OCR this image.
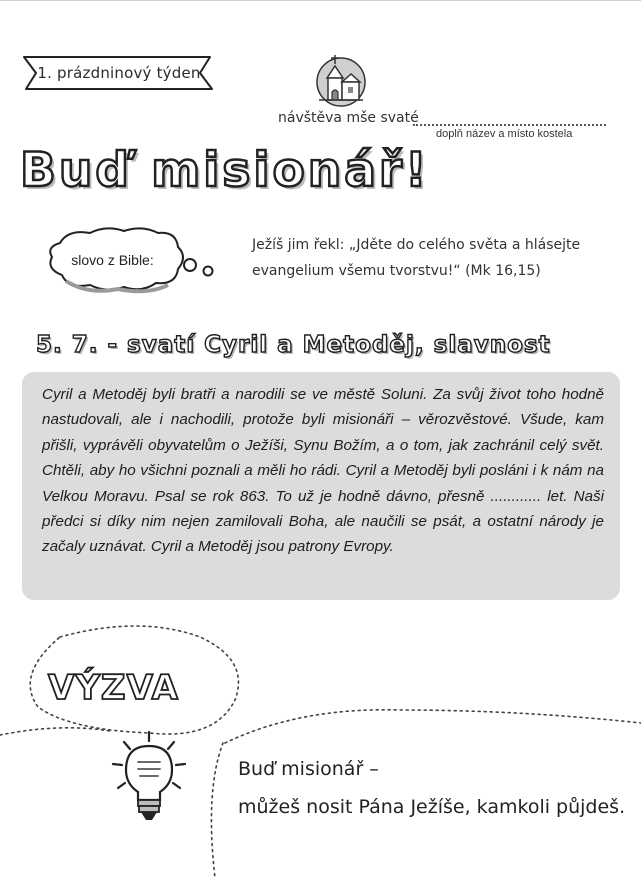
1. prázdninový týden
návštěva mše svaté
doplň název a místo kostela
Buď misionář!
slovo z Bible:
Ježíš jim řekl: „Jděte do celého světa a hlásejte
evangelium všemu tvorstvu!“ (Mk 16,15)
5. 7. - svatí Cyril a Metoděj, slavnost

Cyril a Metoděj byli bratři a narodili se ve městě Soluni. Za svůj život toho hodně nastudovali, ale i nachodili, protože byli misionáři – věrozvěstové. Všude, kam přišli, vyprávěli obyvatelům o Ježíši, Synu Božím, a o tom, jak zachránil celý svět. Chtěli, aby ho všichni poznali a měli ho rádi. Cyril a Metoděj byli posláni i k nám na Velkou Moravu. Psal se rok 863. To už je hodně dávno, přesně ............ let. Naši předci si díky nim nejen zamilovali Boha, ale naučili se psát, a ostatní národy je začaly uznávat. Cyril a Metoděj jsou patrony Evropy.

VÝZVA
Buď misionář –
můžeš nosit Pána Ježíše, kamkoli půjdeš.
